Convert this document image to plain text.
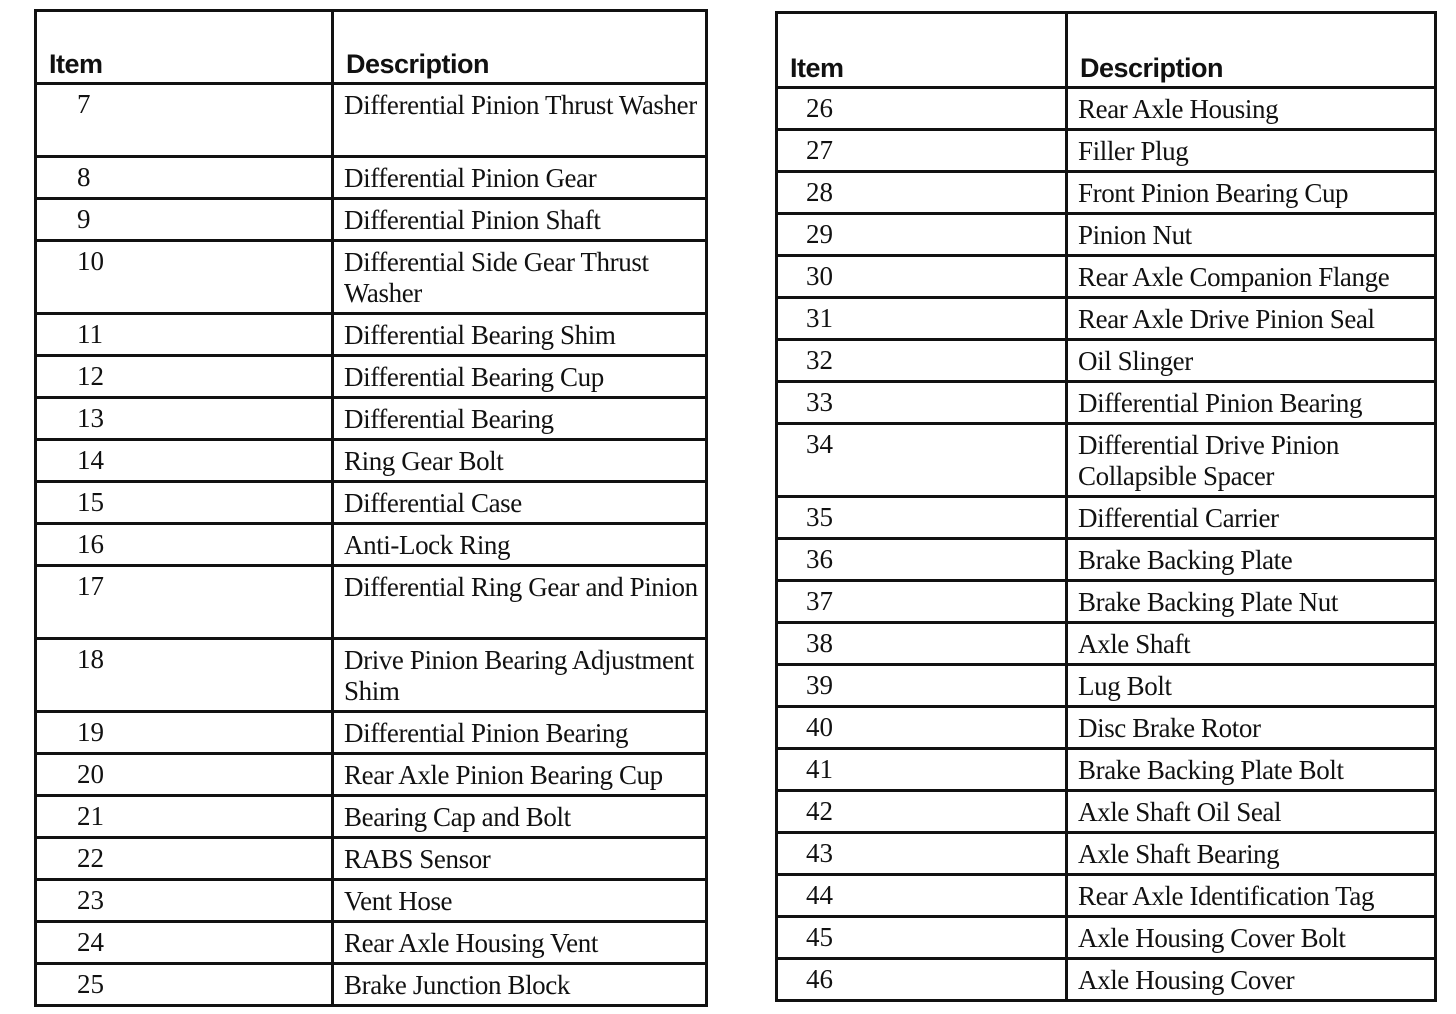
Item	Description
7	Differential Pinion Thrust Washer
8	Differential Pinion Gear
9	Differential Pinion Shaft
10	Differential Side Gear Thrust Washer
11	Differential Bearing Shim
12	Differential Bearing Cup
13	Differential Bearing
14	Ring Gear Bolt
15	Differential Case
16	Anti-Lock Ring
17	Differential Ring Gear and Pinion
18	Drive Pinion Bearing Adjustment Shim
19	Differential Pinion Bearing
20	Rear Axle Pinion Bearing Cup
21	Bearing Cap and Bolt
22	RABS Sensor
23	Vent Hose
24	Rear Axle Housing Vent
25	Brake Junction Block
Item	Description
26	Rear Axle Housing
27	Filler Plug
28	Front Pinion Bearing Cup
29	Pinion Nut
30	Rear Axle Companion Flange
31	Rear Axle Drive Pinion Seal
32	Oil Slinger
33	Differential Pinion Bearing
34	Differential Drive Pinion Collapsible Spacer
35	Differential Carrier
36	Brake Backing Plate
37	Brake Backing Plate Nut
38	Axle Shaft
39	Lug Bolt
40	Disc Brake Rotor
41	Brake Backing Plate Bolt
42	Axle Shaft Oil Seal
43	Axle Shaft Bearing
44	Rear Axle Identification Tag
45	Axle Housing Cover Bolt
46	Axle Housing Cover
